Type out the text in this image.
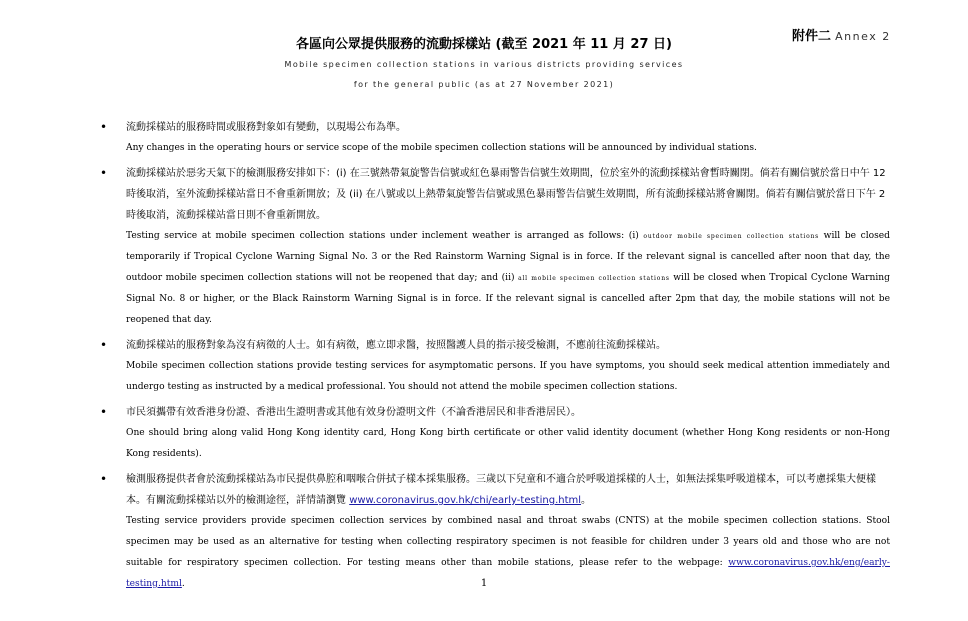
附件二 Annex 2
各區向公眾提供服務的流動採樣站 (截至 2021 年 11 月 27 日)
Mobile specimen collection stations in various districts providing services
for the general public (as at 27 November 2021)
• 流動採樣站的服務時間或服務對象如有變動，以現場公布為準。
Any changes in the operating hours or service scope of the mobile specimen collection stations will be announced by individual stations.
• 流動採樣站於惡劣天氣下的檢測服務安排如下：(i) 在三號熱帶氣旋警告信號或紅色暴雨警告信號生效期間，位於室外的流動採樣站會暫時關閉。倘若有關信號於當日中午 12 時後取消，室外流動採樣站當日不會重新開放；及 (ii) 在八號或以上熱帶氣旋警告信號或黑色暴雨警告信號生效期間，所有流動採樣站將會關閉。倘若有關信號於當日下午 2 時後取消，流動採樣站當日則不會重新開放。
Testing service at mobile specimen collection stations under inclement weather is arranged as follows: (i) outdoor mobile specimen collection stations will be closed temporarily if Tropical Cyclone Warning Signal No. 3 or the Red Rainstorm Warning Signal is in force. If the relevant signal is cancelled after noon that day, the outdoor mobile specimen collection stations will not be reopened that day; and (ii) all mobile specimen collection stations will be closed when Tropical Cyclone Warning Signal No. 8 or higher, or the Black Rainstorm Warning Signal is in force. If the relevant signal is cancelled after 2pm that day, the mobile stations will not be reopened that day.
• 流動採樣站的服務對象為沒有病徵的人士。如有病徵，應立即求醫，按照醫護人員的指示接受檢測，不應前往流動採樣站。
Mobile specimen collection stations provide testing services for asymptomatic persons. If you have symptoms, you should seek medical attention immediately and undergo testing as instructed by a medical professional. You should not attend the mobile specimen collection stations.
• 市民須攜帶有效香港身份證、香港出生證明書或其他有效身份證明文件（不論香港居民和非香港居民）。
One should bring along valid Hong Kong identity card, Hong Kong birth certificate or other valid identity document (whether Hong Kong residents or non-Hong Kong residents).
• 檢測服務提供者會於流動採樣站為市民提供鼻腔和咽喉合併拭子樣本採集服務。三歲以下兒童和不適合於呼吸道採樣的人士，如無法採集呼吸道樣本，可以考慮採集大便樣本。有關流動採樣站以外的檢測途徑，詳情請瀏覽 www.coronavirus.gov.hk/chi/early-testing.html。
Testing service providers provide specimen collection services by combined nasal and throat swabs (CNTS) at the mobile specimen collection stations. Stool specimen may be used as an alternative for testing when collecting respiratory specimen is not feasible for children under 3 years old and those who are not suitable for respiratory specimen collection. For testing means other than mobile stations, please refer to the webpage: www.coronavirus.gov.hk/eng/early-testing.html.	1
